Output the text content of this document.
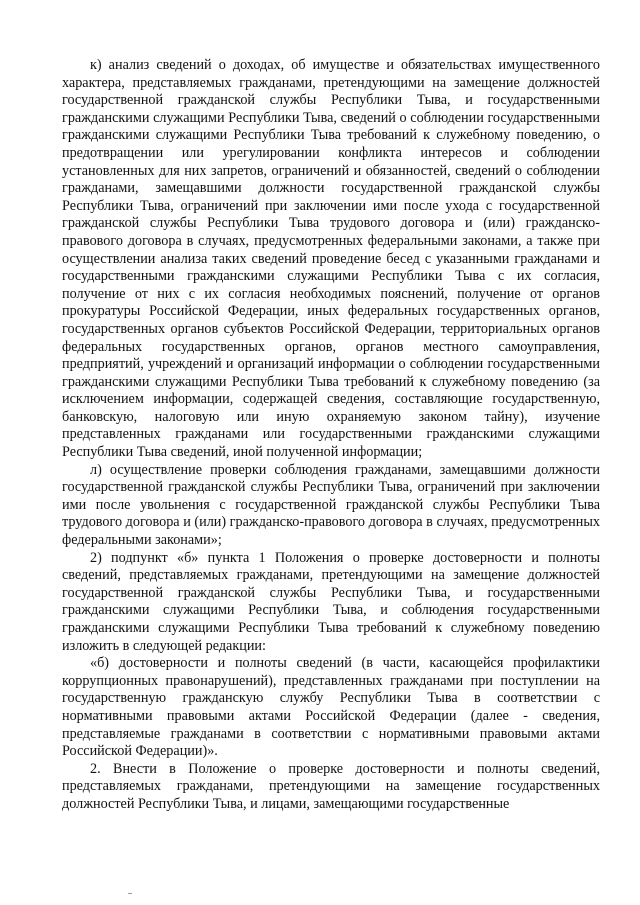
к) анализ сведений о доходах, об имуществе и обязательствах имущественного характера, представляемых гражданами, претендующими на замещение должностей государственной гражданской службы Республики Тыва, и государственными гражданскими служащими Республики Тыва, сведений о соблюдении государственными гражданскими служащими Республики Тыва требований к служебному поведению, о предотвращении или урегулировании конфликта интересов и соблюдении установленных для них запретов, ограничений и обязанностей, сведений о соблюдении гражданами, замещавшими должности государственной гражданской службы Республики Тыва, ограничений при заключении ими после ухода с государственной гражданской службы Республики Тыва трудового договора и (или) гражданско-правового договора в случаях, предусмотренных федеральными законами, а также при осуществлении анализа таких сведений проведение бесед с указанными гражданами и государственными гражданскими служащими Республики Тыва с их согласия, получение от них с их согласия необходимых пояснений, получение от органов прокуратуры Российской Федерации, иных федеральных государственных органов, государственных органов субъектов Российской Федерации, территориальных органов федеральных государственных органов, органов местного самоуправления, предприятий, учреждений и организаций информации о соблюдении государственными гражданскими служащими Республики Тыва требований к служебному поведению (за исключением информации, содержащей сведения, составляющие государственную, банковскую, налоговую или иную охраняемую законом тайну), изучение представленных гражданами или государственными гражданскими служащими Республики Тыва сведений, иной полученной информации;

л) осуществление проверки соблюдения гражданами, замещавшими должности государственной гражданской службы Республики Тыва, ограничений при заключении ими после увольнения с государственной гражданской службы Республики Тыва трудового договора и (или) гражданско-правового договора в случаях, предусмотренных федеральными законами»;

2) подпункт «б» пункта 1 Положения о проверке достоверности и полноты сведений, представляемых гражданами, претендующими на замещение должностей государственной гражданской службы Республики Тыва, и государственными гражданскими служащими Республики Тыва, и соблюдения государственными гражданскими служащими Республики Тыва требований к служебному поведению изложить в следующей редакции:

«б) достоверности и полноты сведений (в части, касающейся профилактики коррупционных правонарушений), представленных гражданами при поступлении на государственную гражданскую службу Республики Тыва в соответствии с нормативными правовыми актами Российской Федерации (далее - сведения, представляемые гражданами в соответствии с нормативными правовыми актами Российской Федерации)».

2. Внести в Положение о проверке достоверности и полноты сведений, представляемых гражданами, претендующими на замещение государственных должностей Республики Тыва, и лицами, замещающими государственные
